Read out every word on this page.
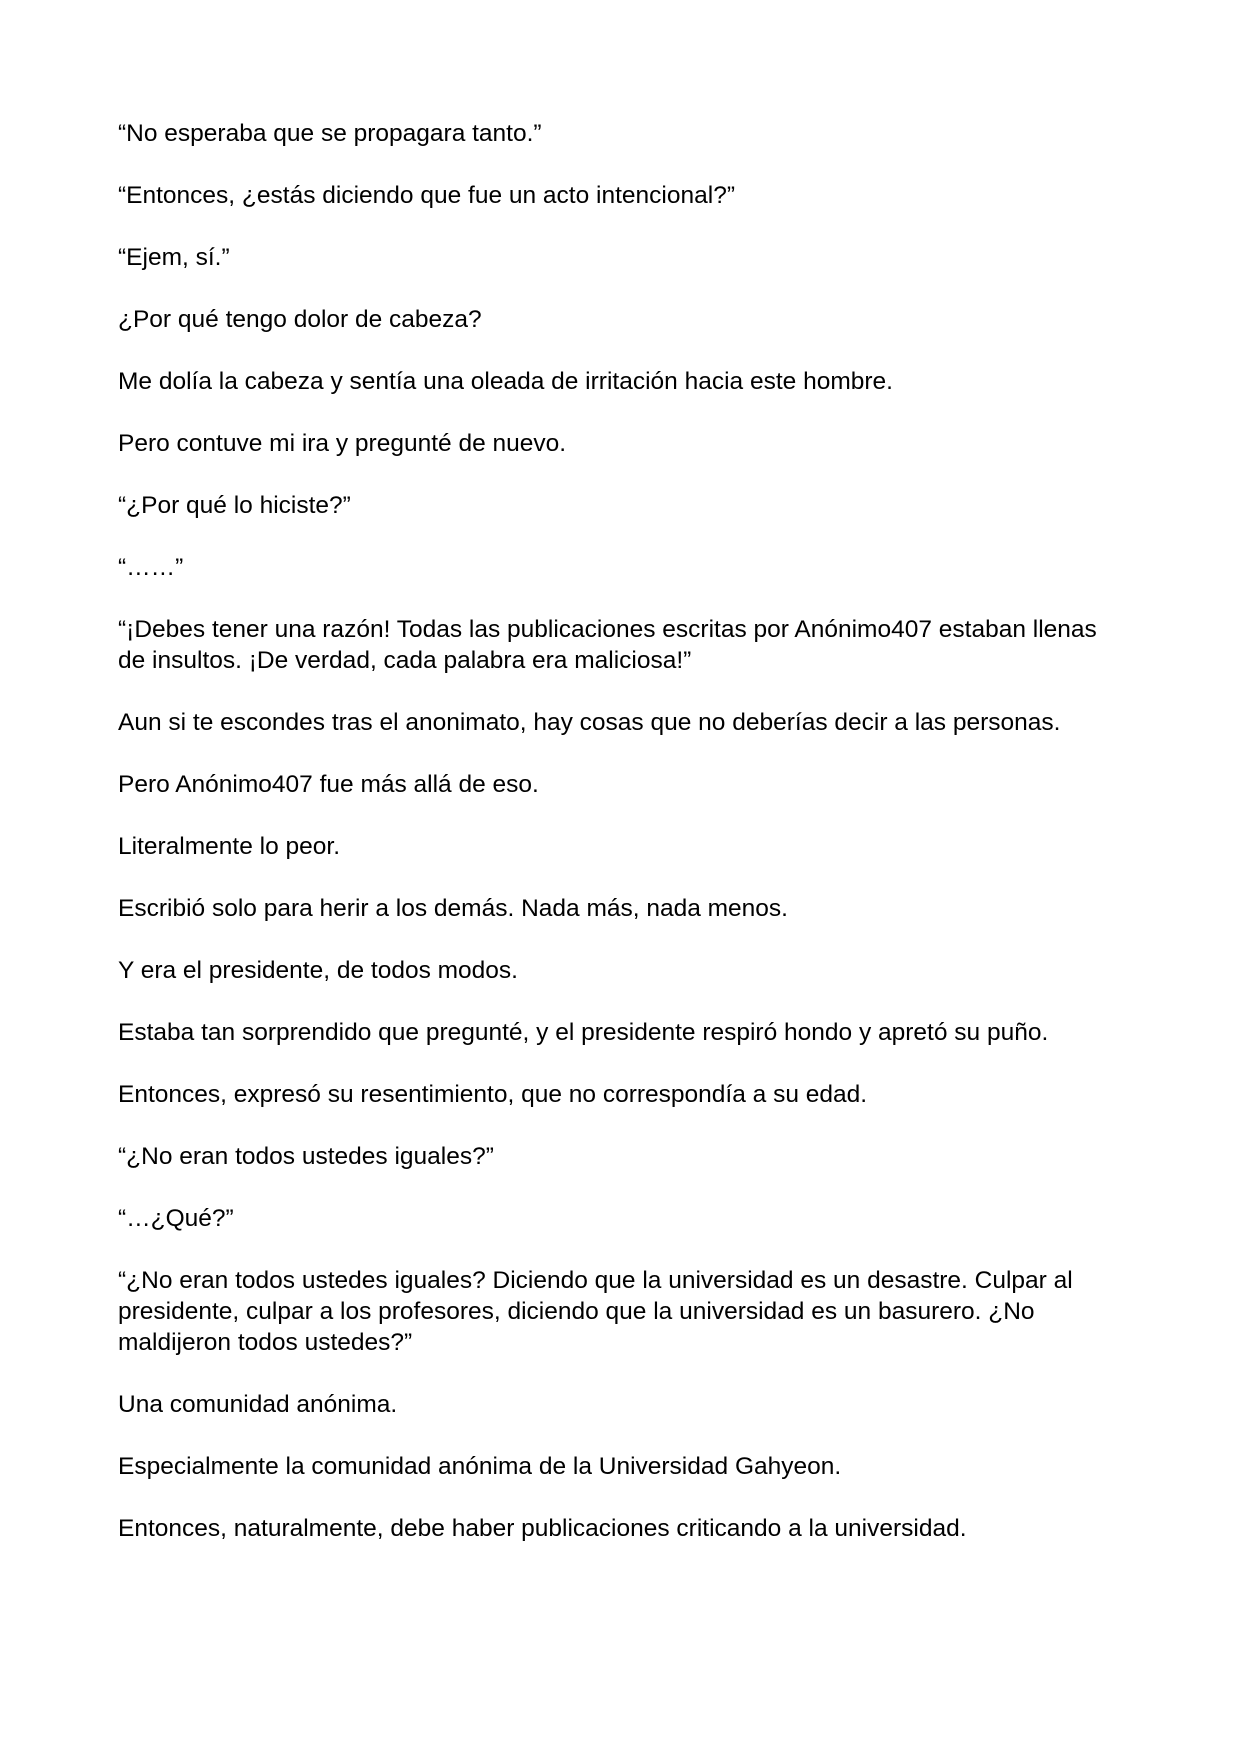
“No esperaba que se propagara tanto.”

“Entonces, ¿estás diciendo que fue un acto intencional?”

“Ejem, sí.”

¿Por qué tengo dolor de cabeza?

Me dolía la cabeza y sentía una oleada de irritación hacia este hombre.

Pero contuve mi ira y pregunté de nuevo.

“¿Por qué lo hiciste?”

“……”

“¡Debes tener una razón! Todas las publicaciones escritas por Anónimo407 estaban llenas de insultos. ¡De verdad, cada palabra era maliciosa!”

Aun si te escondes tras el anonimato, hay cosas que no deberías decir a las personas.

Pero Anónimo407 fue más allá de eso.

Literalmente lo peor.

Escribió solo para herir a los demás. Nada más, nada menos.

Y era el presidente, de todos modos.

Estaba tan sorprendido que pregunté, y el presidente respiró hondo y apretó su puño.

Entonces, expresó su resentimiento, que no correspondía a su edad.

“¿No eran todos ustedes iguales?”

“…¿Qué?”

“¿No eran todos ustedes iguales? Diciendo que la universidad es un desastre. Culpar al presidente, culpar a los profesores, diciendo que la universidad es un basurero. ¿No maldijeron todos ustedes?”

Una comunidad anónima.

Especialmente la comunidad anónima de la Universidad Gahyeon.

Entonces, naturalmente, debe haber publicaciones criticando a la universidad.
